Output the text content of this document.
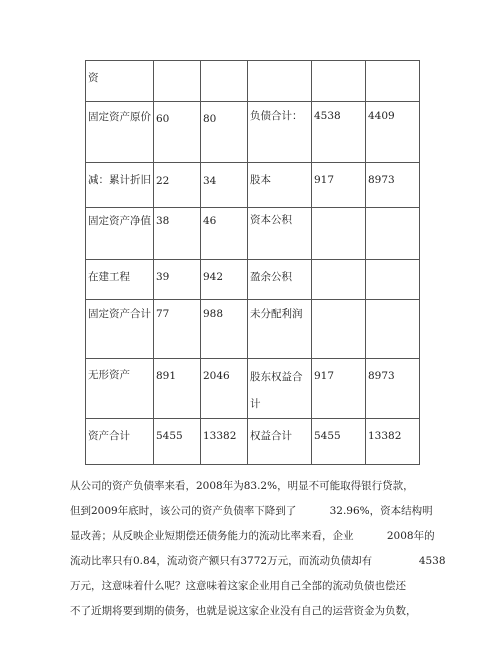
资					
固定资产原价	60	80	负债合计：	4538	4409
减：累计折旧	22	34	股本	917	8973
固定资产净值	38	46	资本公积		
在建工程	39	942	盈余公积		
固定资产合计	77	988	未分配利润		
无形资产	891	2046	股东权益合计	917	8973
资产合计	5455	13382	权益合计	5455	13382
从公司的资产负债率来看，2008年为83.2%，明显不可能取得银行贷款，
但到2009年底时，该公司的资产负债率下降到了          32.96%，资本结构明
显改善；从反映企业短期偿还债务能力的流动比率来看，企业          2008年的
流动比率只有0.84，流动资产额只有3772万元，而流动负债却有              4538
万元，这意味着什么呢？这意味着这家企业用自己全部的流动负债也偿还
不了近期将要到期的债务，也就是说这家企业没有自己的运营资金为负数，
